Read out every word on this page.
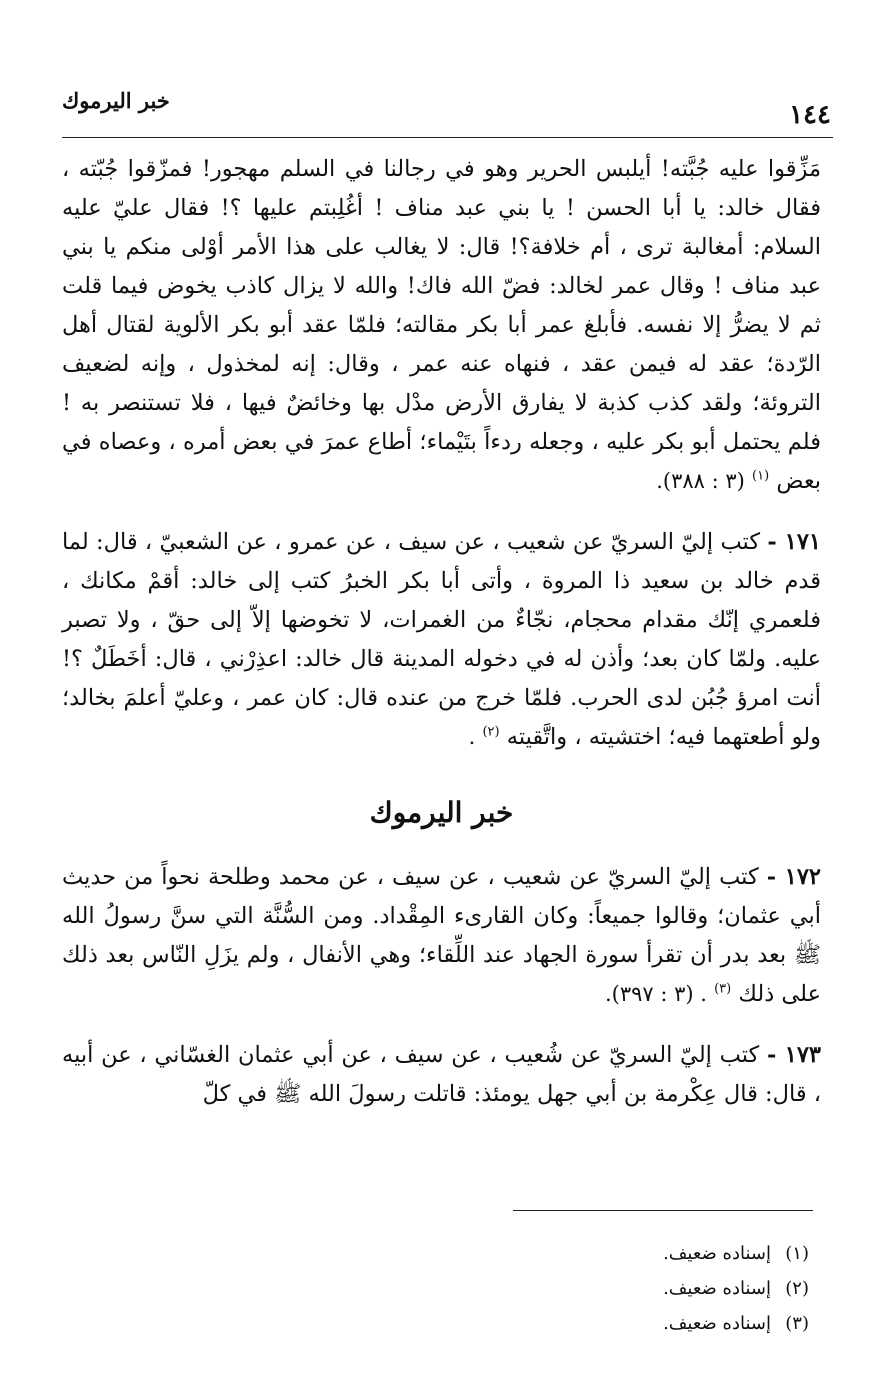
خبر اليرموك	١٤٤

مَزِّقوا عليه جُبَّته! أيلبس الحرير وهو في رجالنا في السلم مهجور! فمزّقوا جُبّته ، فقال خالد: يا أبا الحسن ! يا بني عبد مناف ! أغُلِبتم عليها ؟! فقال عليّ عليه السلام: أمغالبة ترى ، أم خلافة؟! قال: لا يغالب على هذا الأمر أوْلى منكم يا بني عبد مناف ! وقال عمر لخالد: فضّ الله فاك! والله لا يزال كاذب يخوض فيما قلت ثم لا يضرُّ إلا نفسه. فأبلغ عمر أبا بكر مقالته؛ فلمّا عقد أبو بكر الألوية لقتال أهل الرّدة؛ عقد له فيمن عقد ، فنهاه عنه عمر ، وقال: إنه لمخذول ، وإنه لضعيف التروئة؛ ولقد كذب كذبة لا يفارق الأرض مدْل بها وخائضٌ فيها ، فلا تستنصر به ! فلم يحتمل أبو بكر عليه ، وجعله ردءاً بتَيْماء؛ أطاع عمرَ في بعض أمره ، وعصاه في بعض $^{(١)}$ (٣ : ٣٨٨).

١٧١ - كتب إليّ السريّ عن شعيب ، عن سيف ، عن عمرو ، عن الشعبيّ ، قال: لما قدم خالد بن سعيد ذا المروة ، وأتى أبا بكر الخبرُ كتب إلى خالد: أقمْ مكانك ، فلعمري إنّك مقدام محجام، نجّاءٌ من الغمرات، لا تخوضها إلاّ إلى حقّ ، ولا تصبر عليه. ولمّا كان بعد؛ وأذن له في دخوله المدينة قال خالد: اعذِرْني ، قال: أخَطَلٌ ؟! أنت امرؤ جُبُن لدى الحرب. فلمّا خرج من عنده قال: كان عمر ، وعليّ أعلمَ بخالد؛ ولو أطعتهما فيه؛ اختشيته ، واتَّقيته $^{(٢)}$ .

خبر اليرموك

١٧٢ - كتب إليّ السريّ عن شعيب ، عن سيف ، عن محمد وطلحة نحواً من حديث أبي عثمان؛ وقالوا جميعاً: وكان القارىء المِقْداد. ومن السُّنَّة التي سنَّ رسولُ الله ﷺ بعد بدر أن تقرأ سورة الجهاد عند اللِّقاء؛ وهي الأنفال ، ولم يزَلِ النّاس بعد ذلك على ذلك $^{(٣)}$ . (٣ : ٣٩٧).

١٧٣ - كتب إليّ السريّ عن شُعيب ، عن سيف ، عن أبي عثمان الغسّاني ، عن أبيه ، قال: قال عِكْرمة بن أبي جهل يومئذ: قاتلت رسولَ الله ﷺ في كلّ

(١)
إسناده ضعيف.
(٢)
إسناده ضعيف.
(٣)
إسناده ضعيف.
